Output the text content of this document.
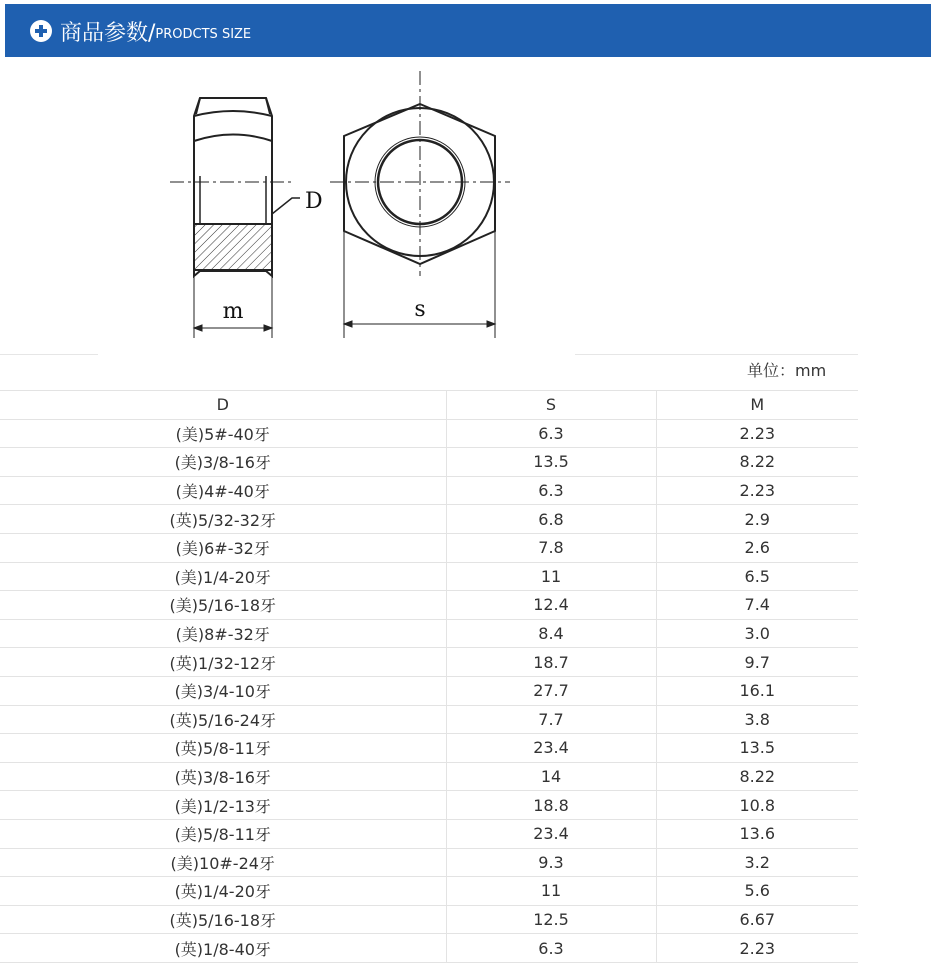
商品参数/ PRODCTS SIZE
m
D
s
单位：mm
D	S	M
(美)5#-40牙	6.3	2.23
(美)3/8-16牙	13.5	8.22
(美)4#-40牙	6.3	2.23
(英)5/32-32牙	6.8	2.9
(美)6#-32牙	7.8	2.6
(美)1/4-20牙	11	6.5
(美)5/16-18牙	12.4	7.4
(美)8#-32牙	8.4	3.0
(英)1/32-12牙	18.7	9.7
(美)3/4-10牙	27.7	16.1
(英)5/16-24牙	7.7	3.8
(英)5/8-11牙	23.4	13.5
(英)3/8-16牙	14	8.22
(美)1/2-13牙	18.8	10.8
(美)5/8-11牙	23.4	13.6
(美)10#-24牙	9.3	3.2
(英)1/4-20牙	11	5.6
(英)5/16-18牙	12.5	6.67
(英)1/8-40牙	6.3	2.23
